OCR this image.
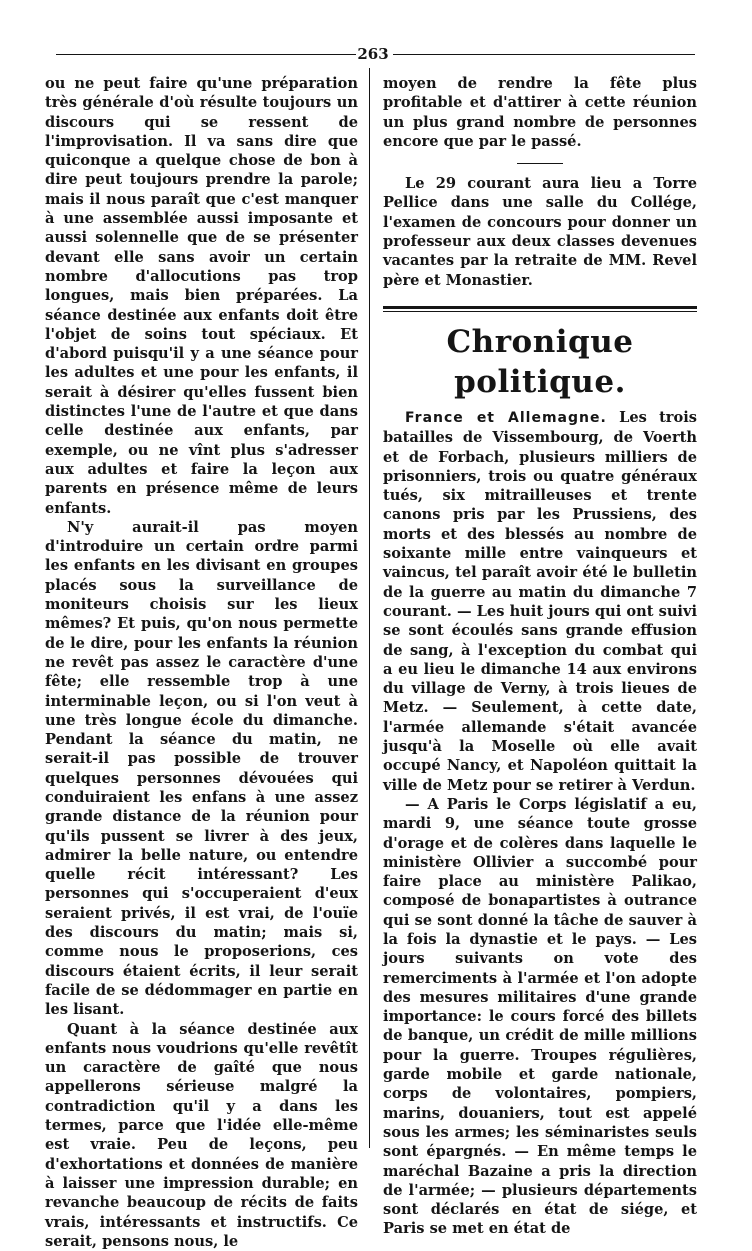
263

ou ne peut faire qu'une préparation très générale d'où résulte toujours un discours qui se ressent de l'improvisation. Il va sans dire que quiconque a quelque chose de bon à dire peut toujours prendre la parole; mais il nous paraît que c'est manquer à une assemblée aussi imposante et aussi solennelle que de se présenter devant elle sans avoir un certain nombre d'allocutions pas trop longues, mais bien préparées. La séance destinée aux enfants doit être l'objet de soins tout spéciaux. Et d'abord puisqu'il y a une séance pour les adultes et une pour les enfants, il serait à désirer qu'elles fussent bien distinctes l'une de l'autre et que dans celle destinée aux enfants, par exemple, ou ne vînt plus s'adresser aux adultes et faire la leçon aux parents en présence même de leurs enfants.

N'y aurait-il pas moyen d'introduire un certain ordre parmi les enfants en les divisant en groupes placés sous la surveillance de moniteurs choisis sur les lieux mêmes? Et puis, qu'on nous permette de le dire, pour les enfants la réunion ne revêt pas assez le caractère d'une fête; elle ressemble trop à une interminable leçon, ou si l'on veut à une très longue école du dimanche. Pendant la séance du matin, ne serait-il pas possible de trouver quelques personnes dévouées qui conduiraient les enfans à une assez grande distance de la réunion pour qu'ils pussent se livrer à des jeux, admirer la belle nature, ou entendre quelle récit intéressant? Les personnes qui s'occuperaient d'eux seraient privés, il est vrai, de l'ouïe des discours du matin; mais si, comme nous le proposerions, ces discours étaient écrits, il leur serait facile de se dédommager en partie en les lisant.

Quant à la séance destinée aux enfants nous voudrions qu'elle revêtît un caractère de gaîté que nous appellerons sérieuse malgré la contradiction qu'il y a dans les termes, parce que l'idée elle-même est vraie. Peu de leçons, peu d'exhortations et données de manière à laisser une impression durable; en revanche beaucoup de récits de faits vrais, intéressants et instructifs. Ce serait, pensons nous, le

moyen de rendre la fête plus profitable et d'attirer à cette réunion un plus grand nombre de personnes encore que par le passé.

Le 29 courant aura lieu a Torre Pellice dans une salle du Collége, l'examen de concours pour donner un professeur aux deux classes devenues vacantes par la retraite de MM. Revel père et Monastier.

Chronique politique.

France et Allemagne. Les trois batailles de Vissembourg, de Voerth et de Forbach, plusieurs milliers de prisonniers, trois ou quatre généraux tués, six mitrailleuses et trente canons pris par les Prussiens, des morts et des blessés au nombre de soixante mille entre vainqueurs et vaincus, tel paraît avoir été le bulletin de la guerre au matin du dimanche 7 courant. — Les huit jours qui ont suivi se sont écoulés sans grande effusion de sang, à l'exception du combat qui a eu lieu le dimanche 14 aux environs du village de Verny, à trois lieues de Metz. — Seulement, à cette date, l'armée allemande s'était avancée jusqu'à la Moselle où elle avait occupé Nancy, et Napoléon quittait la ville de Metz pour se retirer à Verdun.

— A Paris le Corps législatif a eu, mardi 9, une séance toute grosse d'orage et de colères dans laquelle le ministère Ollivier a succombé pour faire place au ministère Palikao, composé de bonapartistes à outrance qui se sont donné la tâche de sauver à la fois la dynastie et le pays. — Les jours suivants on vote des remerciments à l'armée et l'on adopte des mesures militaires d'une grande importance: le cours forcé des billets de banque, un crédit de mille millions pour la guerre. Troupes régulières, garde mobile et garde nationale, corps de volontaires, pompiers, marins, douaniers, tout est appelé sous les armes; les séminaristes seuls sont épargnés. — En même temps le maréchal Bazaine a pris la direction de l'armée; — plusieurs départements sont déclarés en état de siége, et Paris se met en état de
